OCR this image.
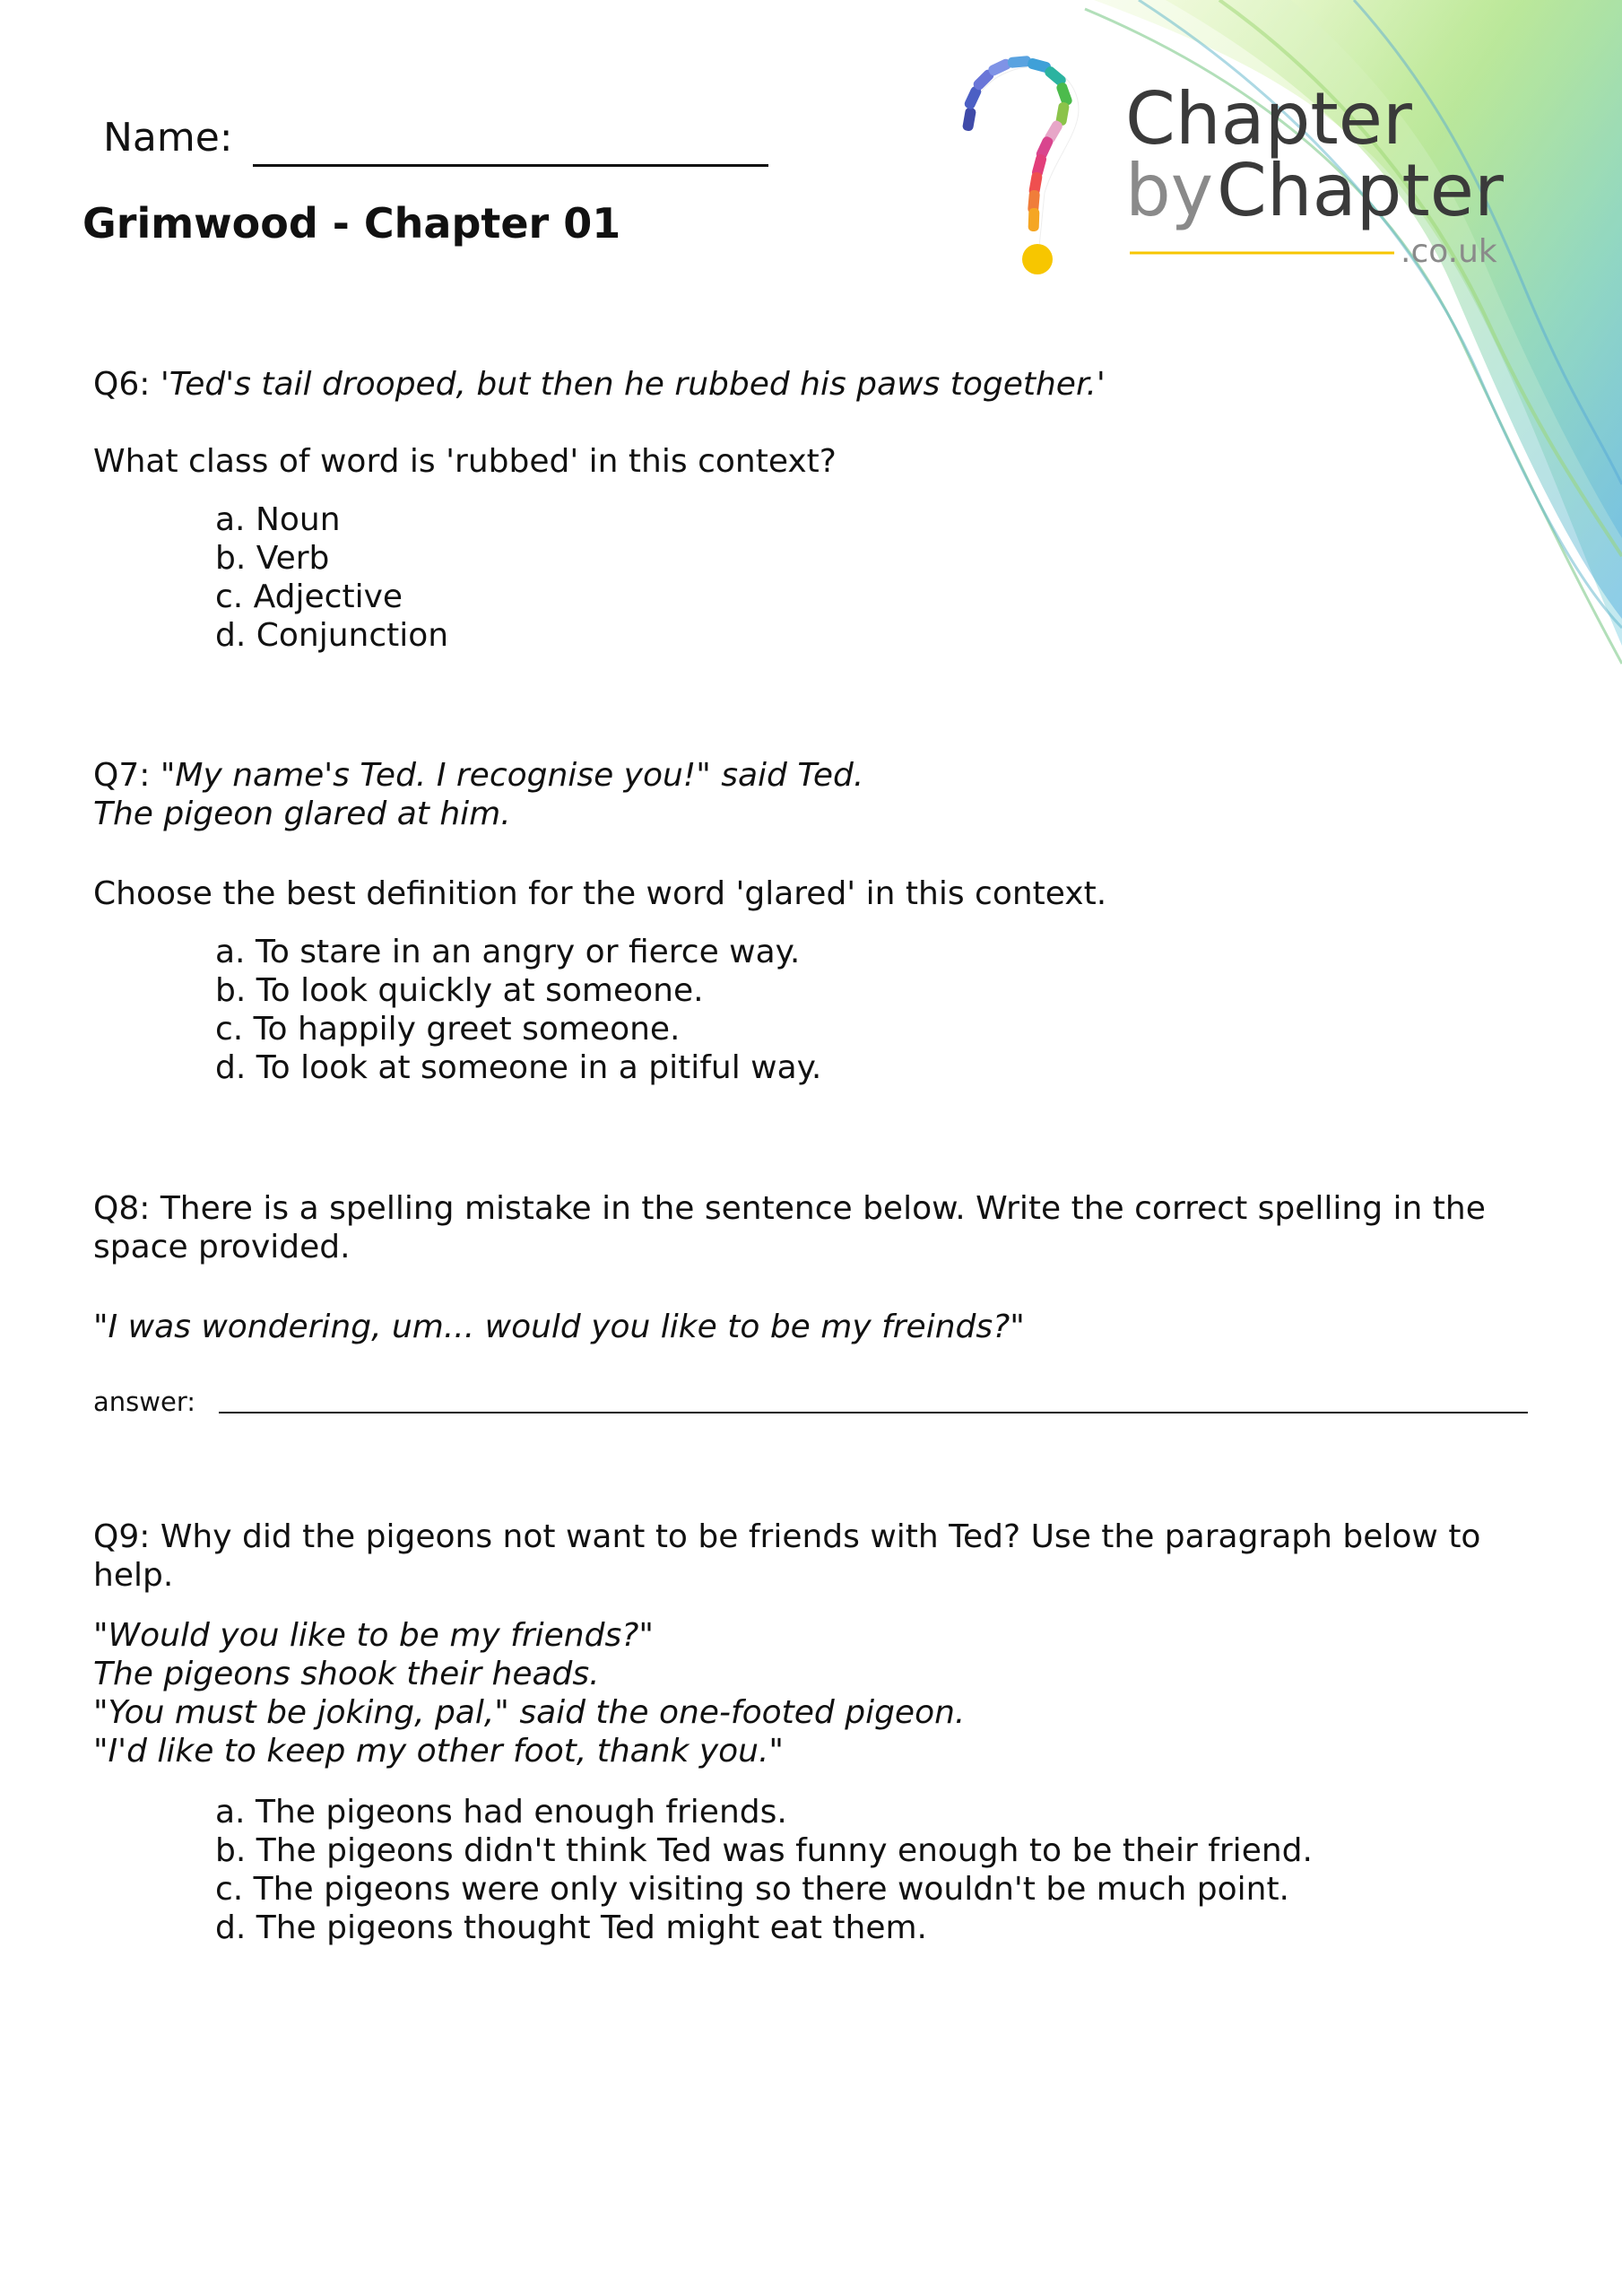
Chapter
by Chapter
.co.uk

Name:

Grimwood - Chapter 01

Q6: 'Ted's tail drooped, but then he rubbed his paws together.'

What class of word is 'rubbed' in this context?

a. Noun
b. Verb
c. Adjective
d. Conjunction

Q7: "My name's Ted. I recognise you!" said Ted.

The pigeon glared at him.

Choose the best definition for the word 'glared' in this context.

a. To stare in an angry or fierce way.
b. To look quickly at someone.
c. To happily greet someone.
d. To look at someone in a pitiful way.

Q8: There is a spelling mistake in the sentence below. Write the correct spelling in the

space provided.

"I was wondering, um... would you like to be my freinds?"

answer:

Q9: Why did the pigeons not want to be friends with Ted? Use the paragraph below to

help.

"Would you like to be my friends?"
The pigeons shook their heads.
"You must be joking, pal," said the one-footed pigeon.
"I'd like to keep my other foot, thank you."
a. The pigeons had enough friends.
b. The pigeons didn't think Ted was funny enough to be their friend.
c. The pigeons were only visiting so there wouldn't be much point.
d. The pigeons thought Ted might eat them.
